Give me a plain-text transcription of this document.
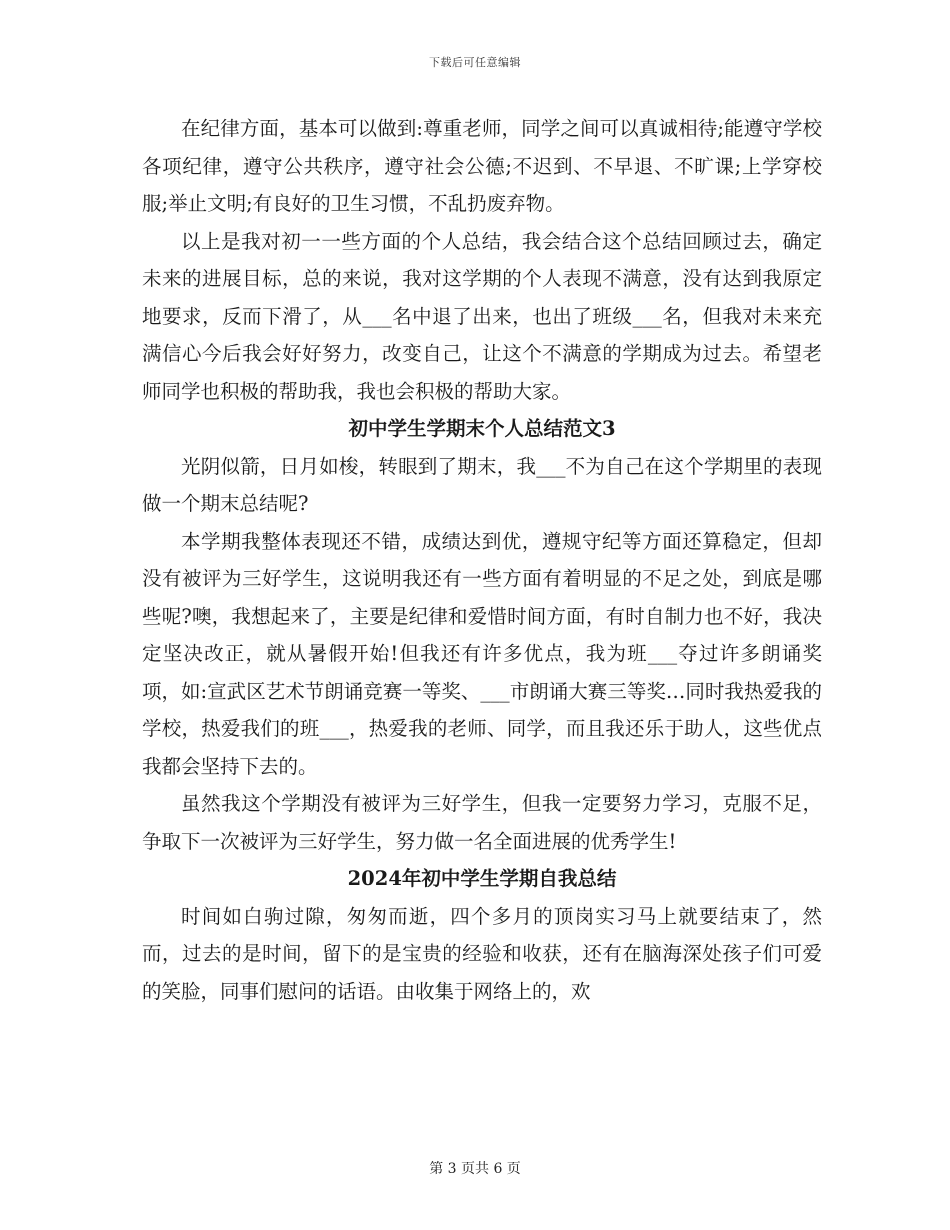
下载后可任意编辑

在纪律方面，基本可以做到:尊重老师，同学之间可以真诚相待;能遵守学校各项纪律，遵守公共秩序，遵守社会公德;不迟到、不早退、不旷课;上学穿校服;举止文明;有良好的卫生习惯，不乱扔废弃物。

以上是我对初一一些方面的个人总结，我会结合这个总结回顾过去，确定未来的进展目标，总的来说，我对这学期的个人表现不满意，没有达到我原定地要求，反而下滑了，从___名中退了出来，也出了班级___名，但我对未来充满信心今后我会好好努力，改变自己，让这个不满意的学期成为过去。希望老师同学也积极的帮助我，我也会积极的帮助大家。

初中学生学期末个人总结范文3

光阴似箭，日月如梭，转眼到了期末，我___不为自己在这个学期里的表现做一个期末总结呢?

本学期我整体表现还不错，成绩达到优，遵规守纪等方面还算稳定，但却没有被评为三好学生，这说明我还有一些方面有着明显的不足之处，到底是哪些呢?噢，我想起来了，主要是纪律和爱惜时间方面，有时自制力也不好，我决定坚决改正，就从暑假开始!但我还有许多优点，我为班___夺过许多朗诵奖项，如:宣武区艺术节朗诵竞赛一等奖、___市朗诵大赛三等奖…同时我热爱我的学校，热爱我们的班___，热爱我的老师、同学，而且我还乐于助人，这些优点我都会坚持下去的。

虽然我这个学期没有被评为三好学生，但我一定要努力学习，克服不足，争取下一次被评为三好学生，努力做一名全面进展的优秀学生!

2024年初中学生学期自我总结

时间如白驹过隙，匆匆而逝，四个多月的顶岗实习马上就要结束了，然而，过去的是时间，留下的是宝贵的经验和收获，还有在脑海深处孩子们可爱的笑脸，同事们慰问的话语。由收集于网络上的，欢

第 3 页共 6 页
